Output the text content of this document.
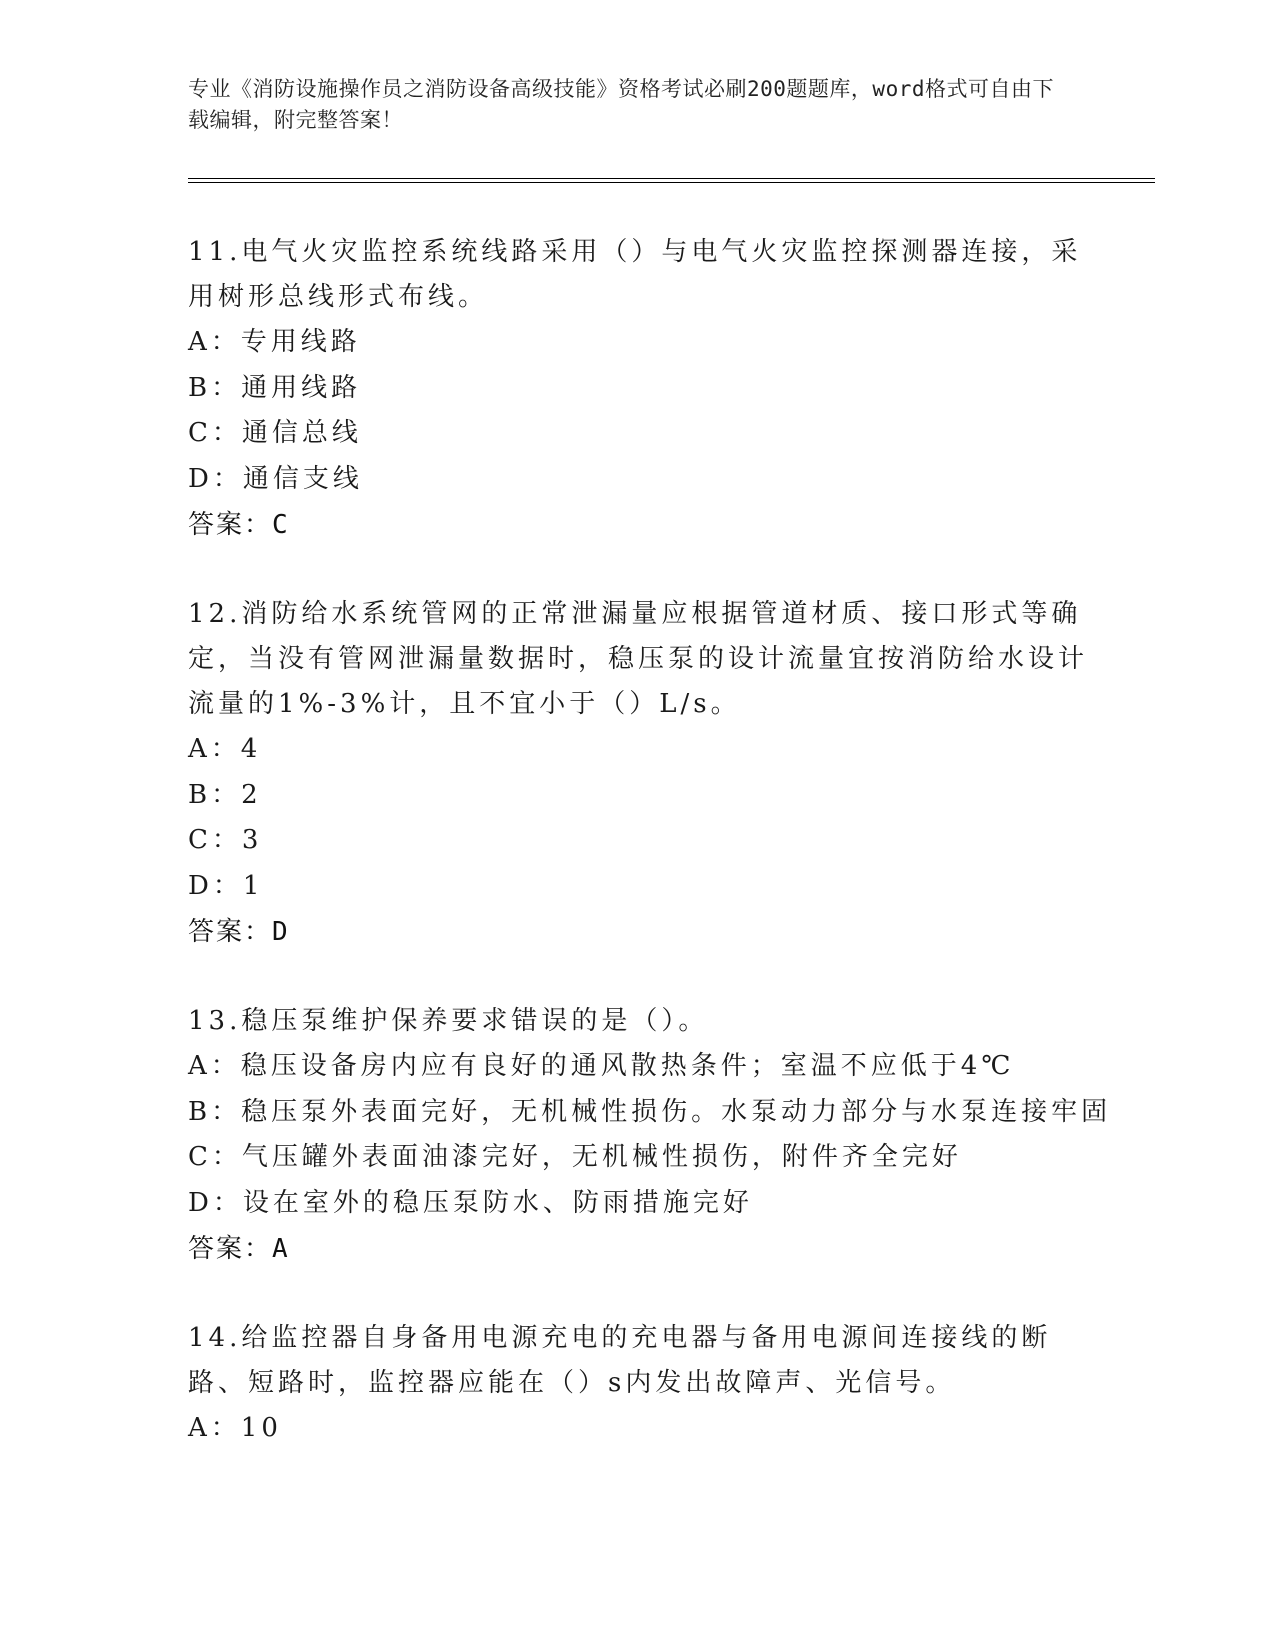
专业《消防设施操作员之消防设备高级技能》资格考试必刷200题题库，word格式可自由下载编辑，附完整答案！

11.电气火灾监控系统线路采用（）与电气火灾监控探测器连接，采用树形总线形式布线。

A：专用线路

B：通用线路

C：通信总线

D：通信支线

答案：C

12.消防给水系统管网的正常泄漏量应根据管道材质、接口形式等确定，当没有管网泄漏量数据时，稳压泵的设计流量宜按消防给水设计流量的1%-3%计，且不宜小于（）L/s。

A：4

B：2

C：3

D：1

答案：D

13.稳压泵维护保养要求错误的是（）。

A：稳压设备房内应有良好的通风散热条件；室温不应低于4℃

B：稳压泵外表面完好，无机械性损伤。水泵动力部分与水泵连接牢固

C：气压罐外表面油漆完好，无机械性损伤，附件齐全完好

D：设在室外的稳压泵防水、防雨措施完好

答案：A

14.给监控器自身备用电源充电的充电器与备用电源间连接线的断路、短路时，监控器应能在（）s内发出故障声、光信号。

A：10
